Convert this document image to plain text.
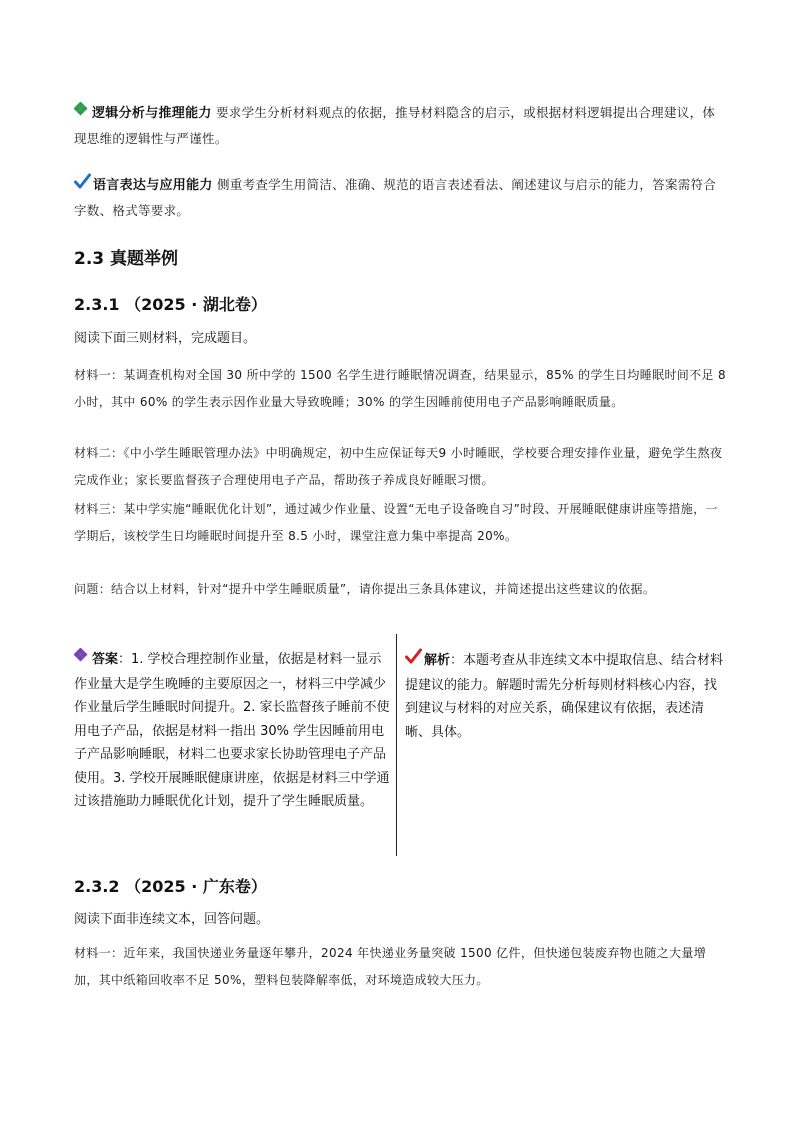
逻辑分析与推理能力 要求学生分析材料观点的依据，推导材料隐含的启示，或根据材料逻辑提出合理建议，体现思维的逻辑性与严谨性。

语言表达与应用能力 侧重考查学生用简洁、准确、规范的语言表述看法、阐述建议与启示的能力，答案需符合字数、格式等要求。

2.3 真题举例
2.3.1 （2025 · 湖北卷）

阅读下面三则材料，完成题目。

材料一：某调查机构对全国 30 所中学的 1500 名学生进行睡眠情况调查，结果显示，85% 的学生日均睡眠时间不足 8 小时，其中 60% 的学生表示因作业量大导致晚睡；30% 的学生因睡前使用电子产品影响睡眠质量。

材料二：《中小学生睡眠管理办法》中明确规定，初中生应保证每天9 小时睡眠，学校要合理安排作业量，避免学生熬夜完成作业；家长要监督孩子合理使用电子产品，帮助孩子养成良好睡眠习惯。

材料三：某中学实施“睡眠优化计划”，通过减少作业量、设置“无电子设备晚自习”时段、开展睡眠健康讲座等措施，一学期后，该校学生日均睡眠时间提升至 8.5 小时，课堂注意力集中率提高 20%。

问题：结合以上材料，针对“提升中学生睡眠质量”，请你提出三条具体建议，并简述提出这些建议的依据。

答案：1. 学校合理控制作业量，依据是材料一显示作业量大是学生晚睡的主要原因之一，材料三中学减少作业量后学生睡眠时间提升。2. 家长监督孩子睡前不使用电子产品，依据是材料一指出 30% 学生因睡前用电子产品影响睡眠，材料二也要求家长协助管理电子产品使用。3. 学校开展睡眠健康讲座，依据是材料三中学通过该措施助力睡眠优化计划，提升了学生睡眠质量。
解析：本题考查从非连续文本中提取信息、结合材料提建议的能力。解题时需先分析每则材料核心内容，找到建议与材料的对应关系，确保建议有依据，表述清晰、具体。
2.3.2 （2025 · 广东卷）

阅读下面非连续文本，回答问题。

材料一：近年来，我国快递业务量逐年攀升，2024 年快递业务量突破 1500 亿件，但快递包装废弃物也随之大量增加，其中纸箱回收率不足 50%，塑料包装降解率低，对环境造成较大压力。
